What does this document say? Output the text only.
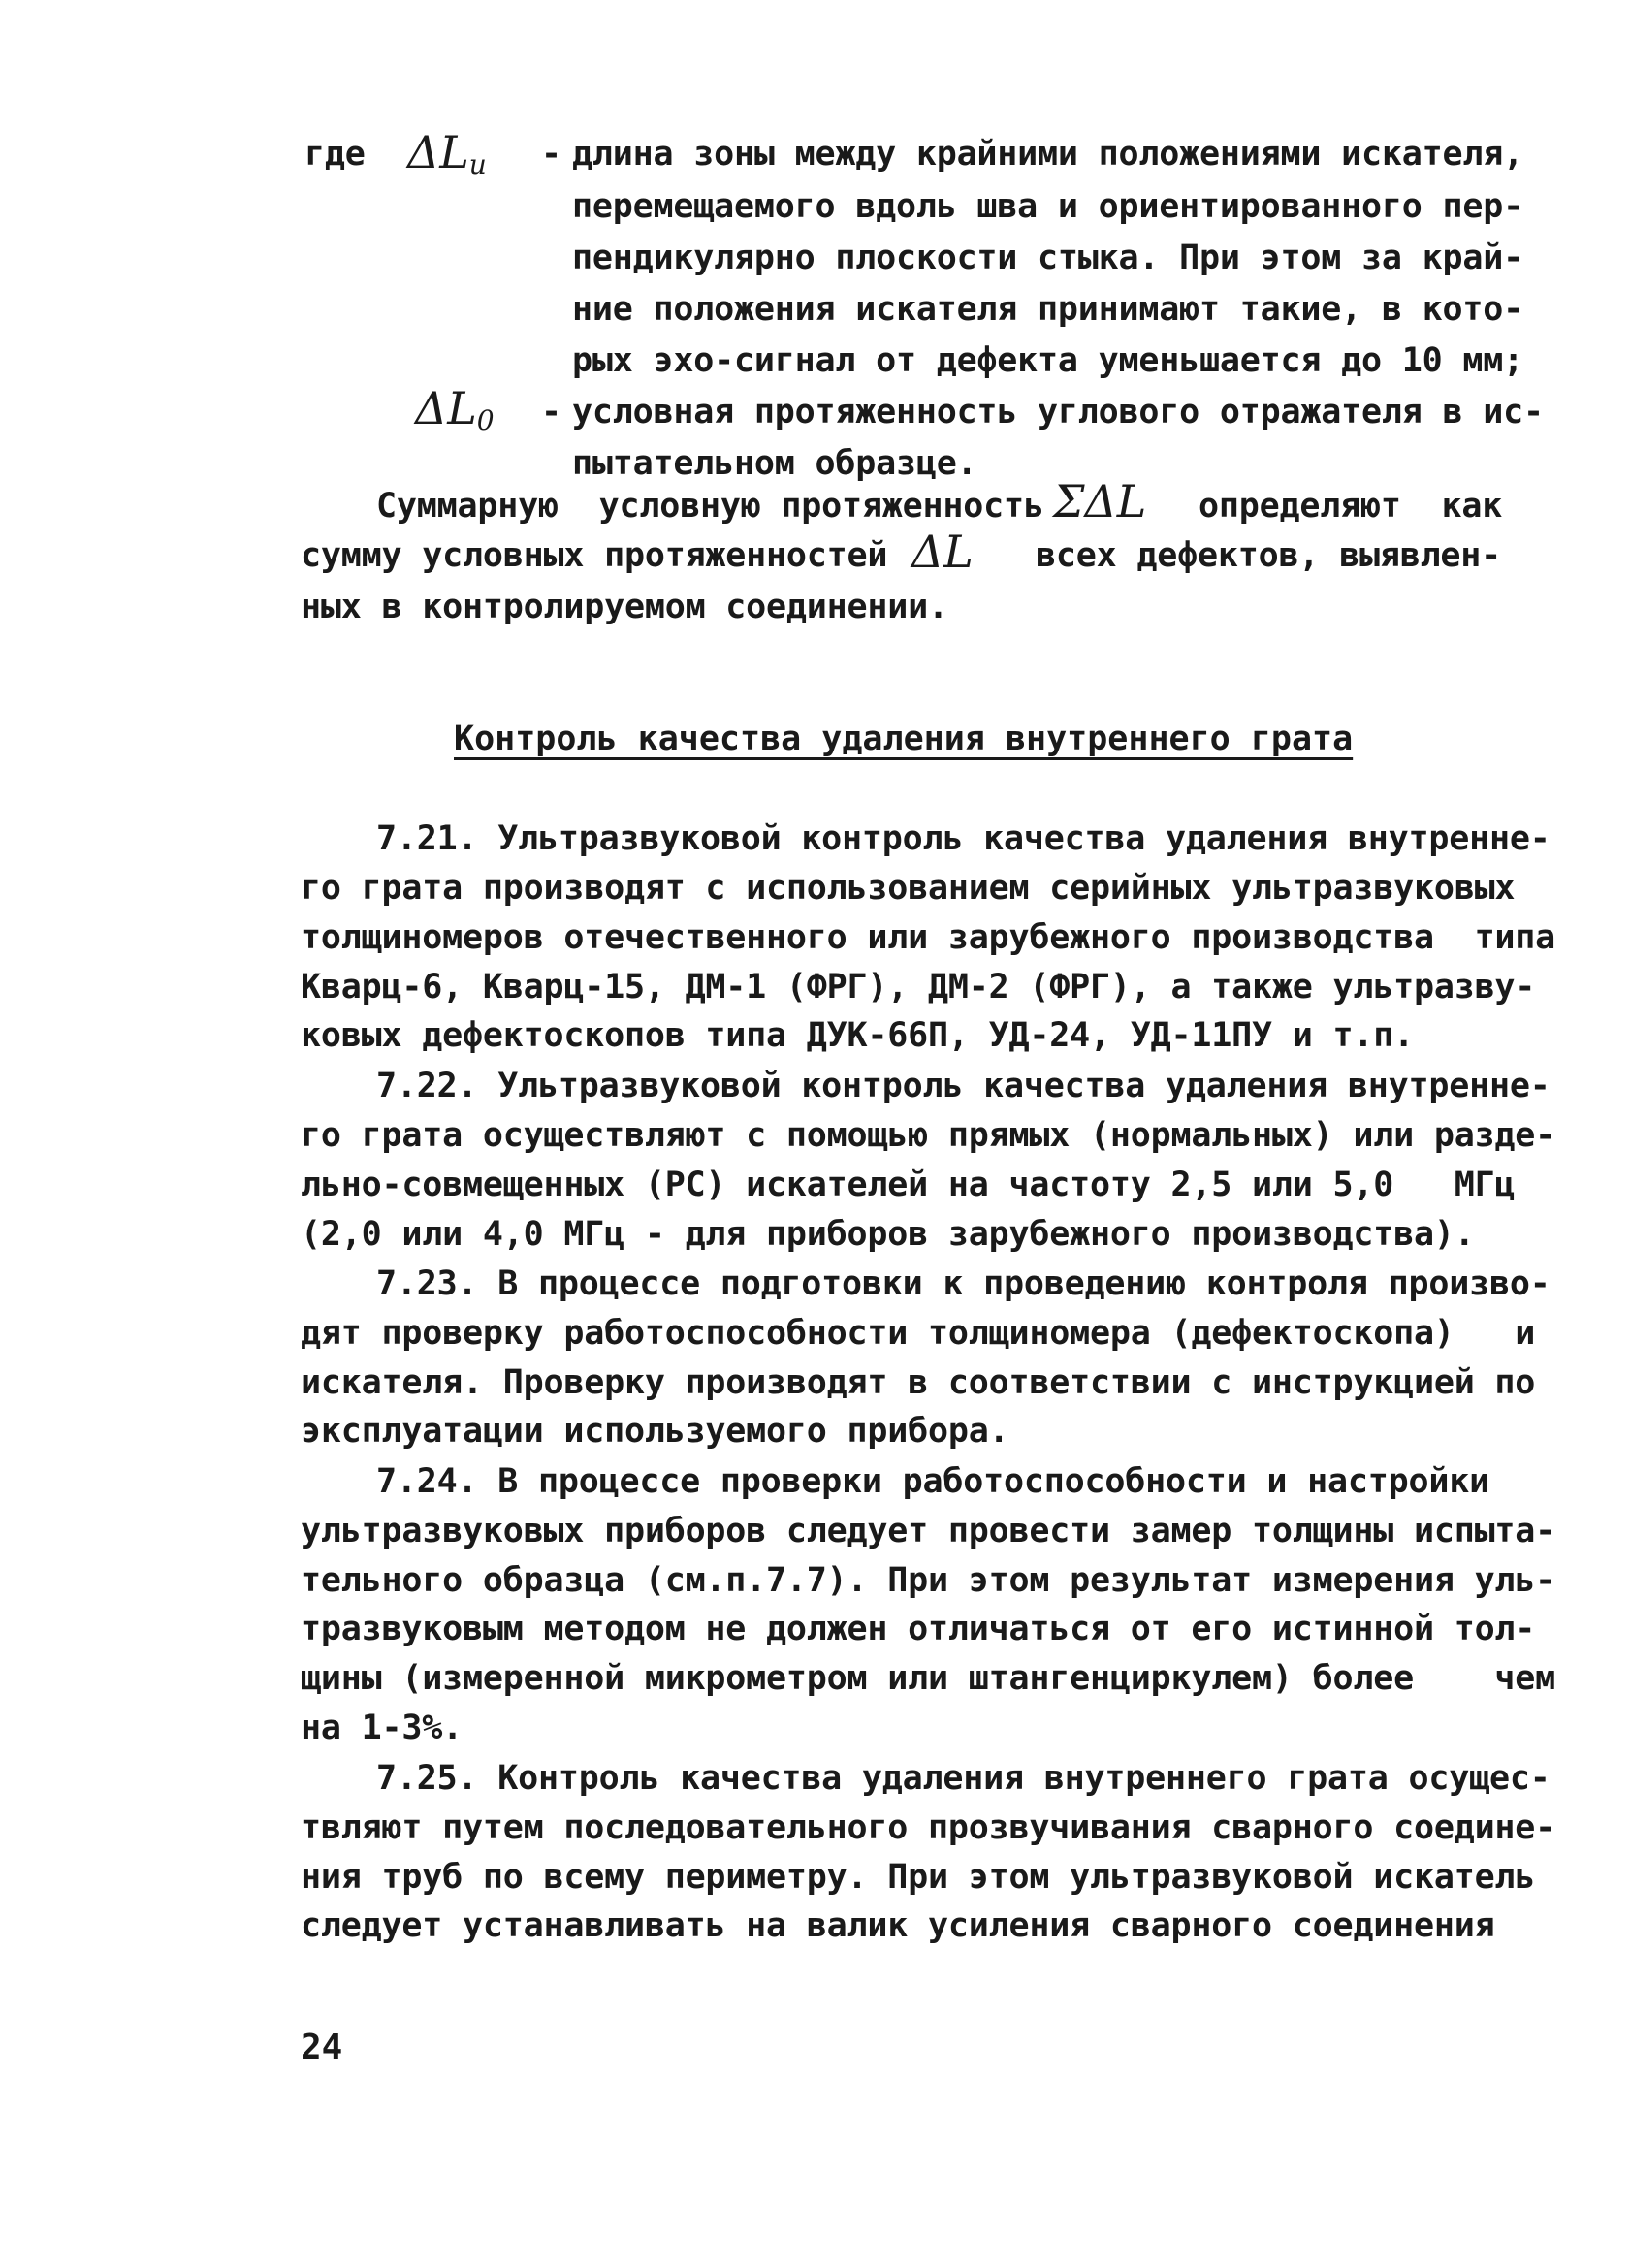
где $\Delta L_u$ - длина зоны между крайними положениями искателя,
перемещаемого вдоль шва и ориентированного пер-
пендикулярно плоскости стыка. При этом за край-
ние положения искателя принимают такие, в кото-
рых эхо-сигнал от дефекта уменьшается до 10 мм;
$\Delta L_0$ - условная протяженность углового отражателя в ис-
пытательном образце.
Суммарную  условную протяженность ΣΔL определяют  как
сумму условных протяженностей ΔL всех дефектов, выявлен-
ных в контролируемом соединении.
Контроль качества удаления внутреннего грата
7.21. Ультразвуковой контроль качества удаления внутренне-
го грата производят с использованием серийных ультразвуковых
толщиномеров отечественного или зарубежного производства  типа
Кварц-6, Кварц-15, ДМ-1 (ФРГ), ДМ-2 (ФРГ), а также ультразву-
ковых дефектоскопов типа ДУК-66П, УД-24, УД-11ПУ и т.п.
7.22. Ультразвуковой контроль качества удаления внутренне-
го грата осуществляют с помощью прямых (нормальных) или разде-
льно-совмещенных (РС) искателей на частоту 2,5 или 5,0   МГц
(2,0 или 4,0 МГц - для приборов зарубежного производства).
7.23. В процессе подготовки к проведению контроля произво-
дят проверку работоспособности толщиномера (дефектоскопа)   и
искателя. Проверку производят в соответствии с инструкцией по
эксплуатации используемого прибора.
7.24. В процессе проверки работоспособности и настройки
ультразвуковых приборов следует провести замер толщины испыта-
тельного образца (см.п.7.7). При этом результат измерения уль-
тразвуковым методом не должен отличаться от его истинной тол-
щины (измеренной микрометром или штангенциркулем) более    чем
на 1-3%.
7.25. Контроль качества удаления внутреннего грата осущес-
твляют путем последовательного прозвучивания сварного соедине-
ния труб по всему периметру. При этом ультразвуковой искатель
следует устанавливать на валик усиления сварного соединения
24
